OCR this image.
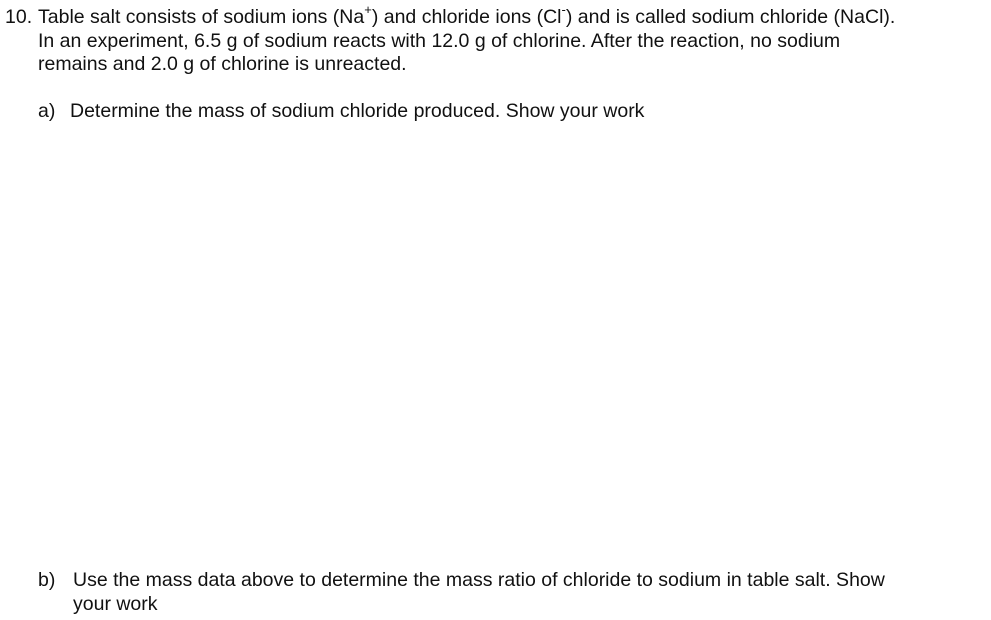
10. Table salt consists of sodium ions (Na+) and chloride ions (Cl-) and is called sodium chloride (NaCl).
In an experiment, 6.5 g of sodium reacts with 12.0 g of chlorine. After the reaction, no sodium
remains and 2.0 g of chlorine is unreacted.
a) Determine the mass of sodium chloride produced. Show your work
b) Use the mass data above to determine the mass ratio of chloride to sodium in table salt. Show
your work
